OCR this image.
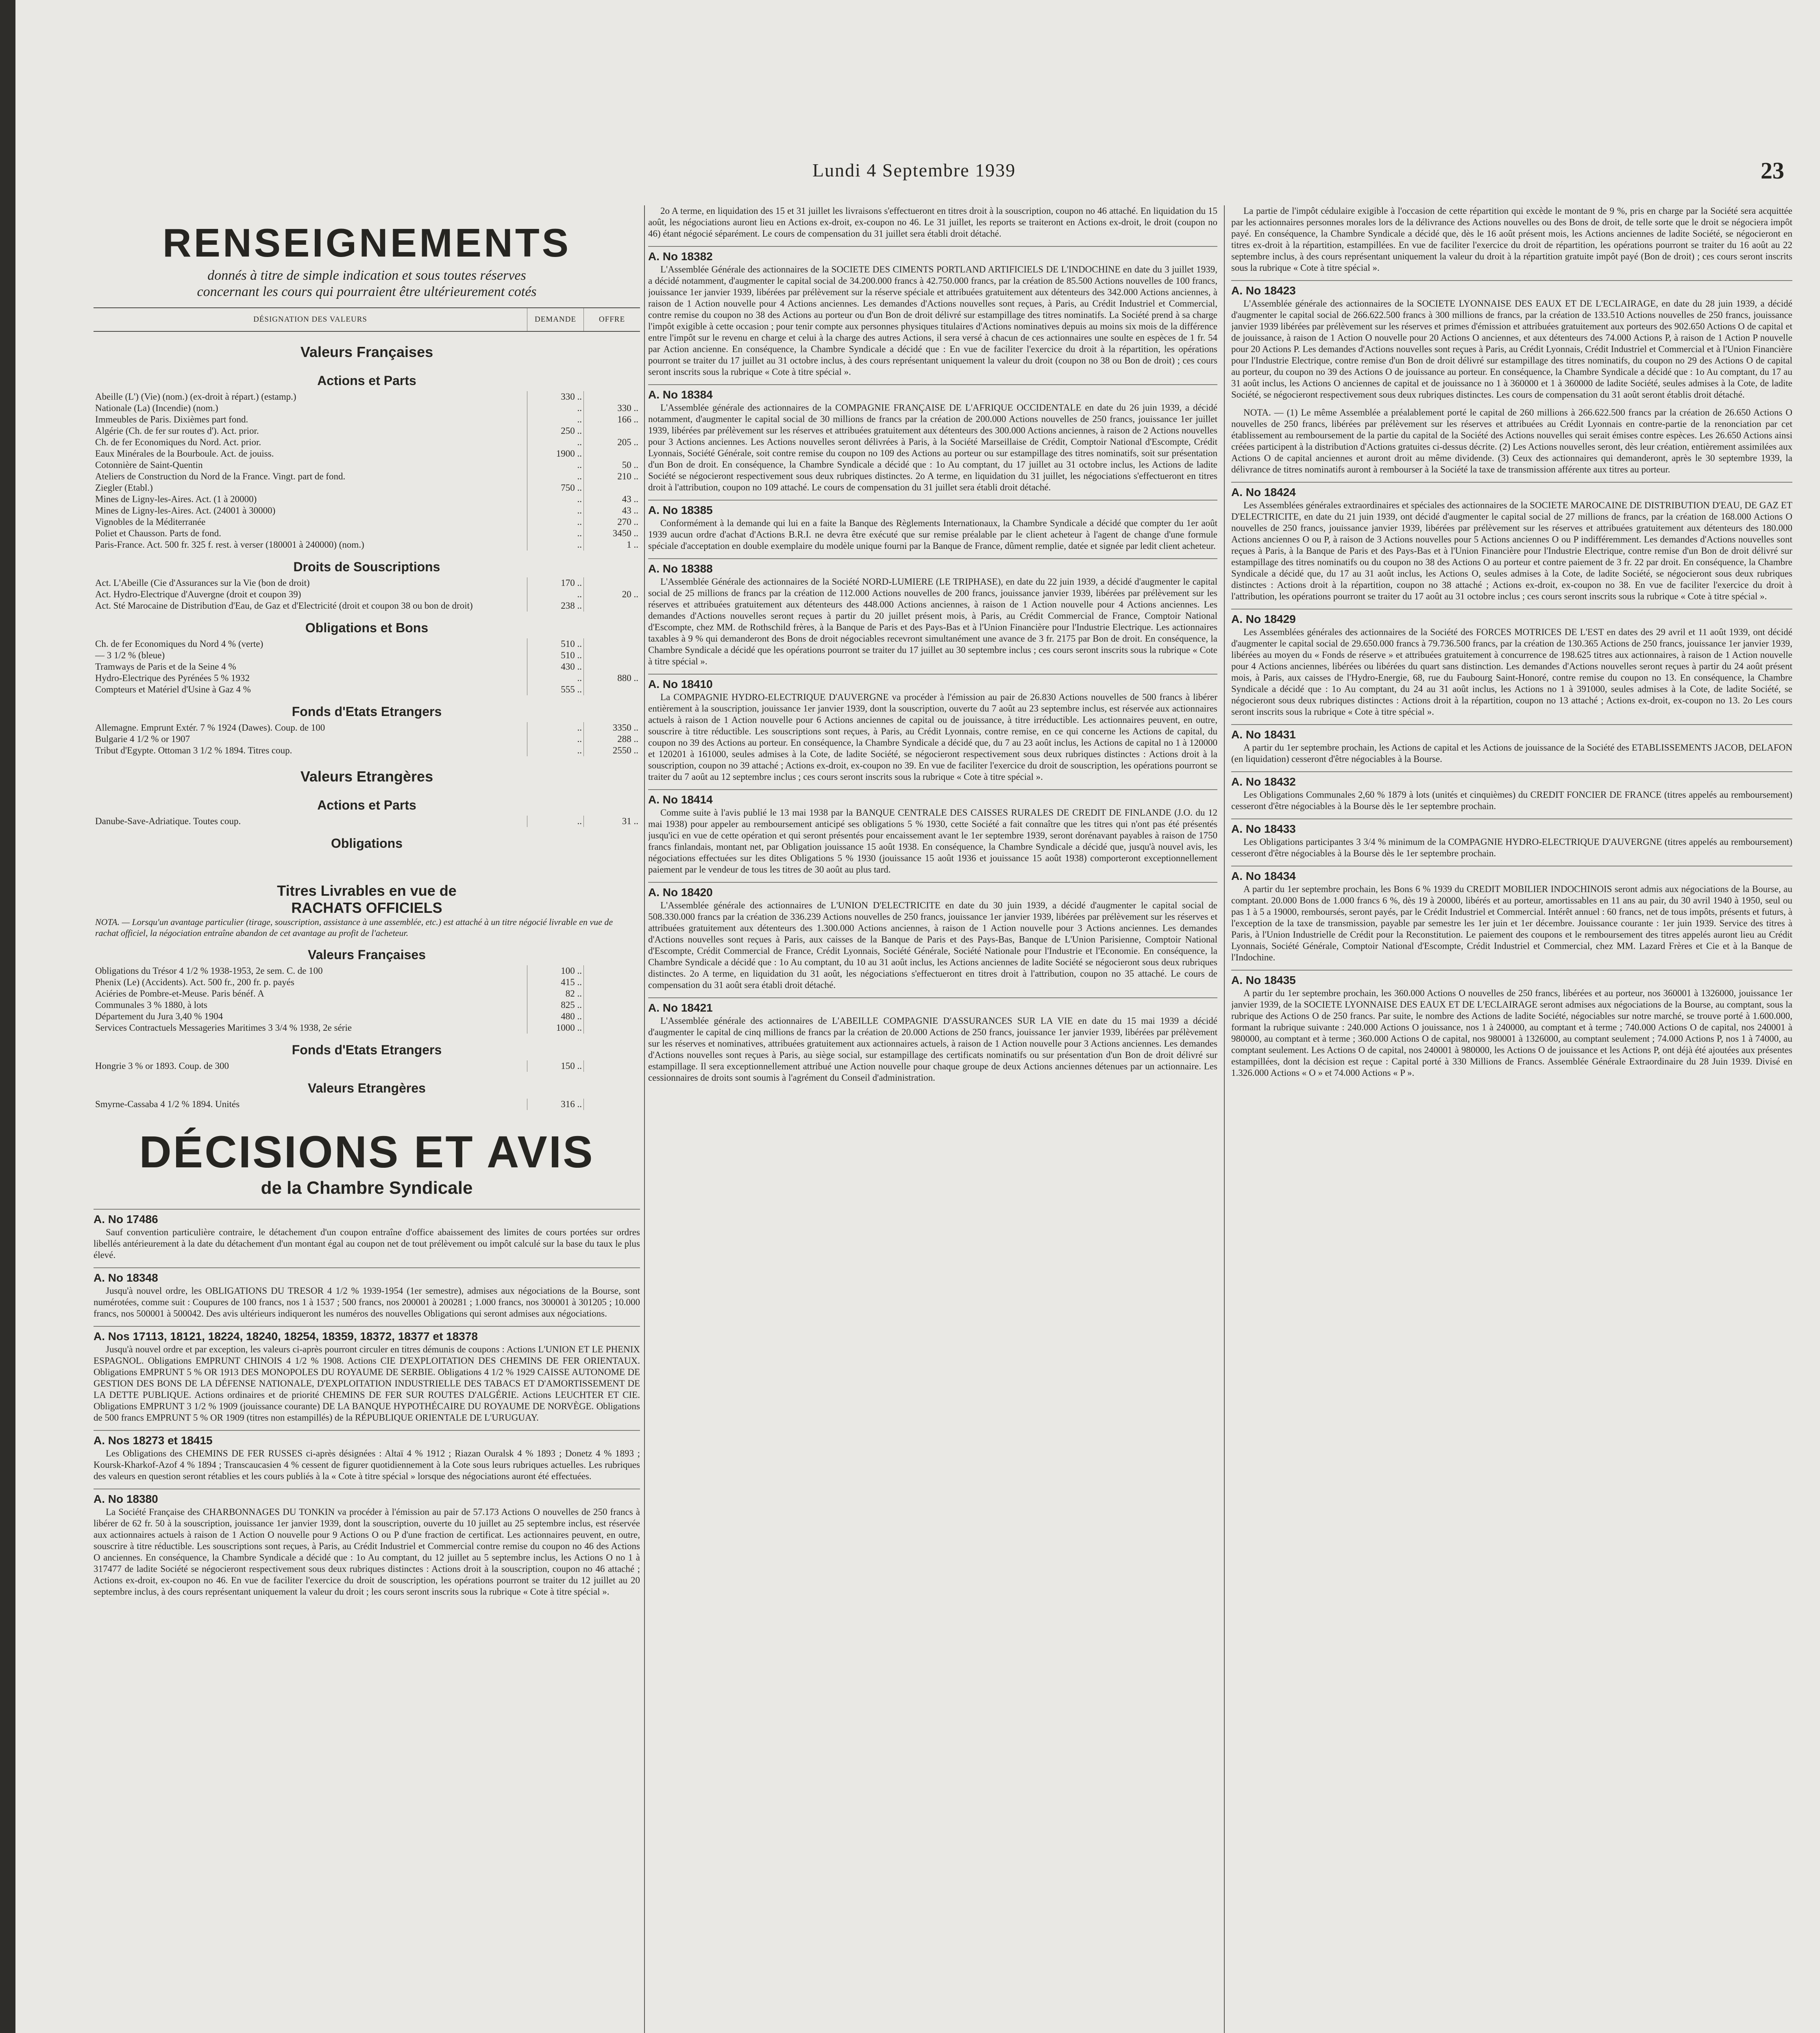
Lundi 4 Septembre 1939	23
RENSEIGNEMENTS
donnés à titre de simple indication et sous toutes réserves
concernant les cours qui pourraient être ultérieurement cotés
DÉSIGNATION DES VALEURS	DEMANDE	OFFRE
Valeurs Françaises		
Actions et Parts		
Abeille (L') (Vie) (nom.) (ex-droit à répart.) (estamp.)	330 ..	
Nationale (La) (Incendie) (nom.)	..	330 ..
Immeubles de Paris. Dixièmes part fond.	..	166 ..
Algérie (Ch. de fer sur routes d'). Act. prior.	250 ..	
Ch. de fer Economiques du Nord. Act. prior.	..	205 ..
Eaux Minérales de la Bourboule. Act. de jouiss.	1900 ..	
Cotonnière de Saint-Quentin	..	50 ..
Ateliers de Construction du Nord de la France. Vingt. part de fond.	..	210 ..
Ziegler (Etabl.)	750 ..	
Mines de Ligny-les-Aires. Act. (1 à 20000)	..	43 ..
Mines de Ligny-les-Aires. Act. (24001 à 30000)	..	43 ..
Vignobles de la Méditerranée	..	270 ..
Poliet et Chausson. Parts de fond.	..	3450 ..
Paris-France. Act. 500 fr. 325 f. rest. à verser (180001 à 240000) (nom.)	..	1 ..
Droits de Souscriptions		
Act. L'Abeille (Cie d'Assurances sur la Vie (bon de droit)	170 ..	
Act. Hydro-Electrique d'Auvergne (droit et coupon 39)	..	20 ..
Act. Sté Marocaine de Distribution d'Eau, de Gaz et d'Electricité (droit et coupon 38 ou bon de droit)	238 ..	
Obligations et Bons		
Ch. de fer Economiques du Nord 4 % (verte)	510 ..	
— 3 1/2 % (bleue)	510 ..	
Tramways de Paris et de la Seine 4 %	430 ..	
Hydro-Electrique des Pyrénées 5 % 1932	..	880 ..
Compteurs et Matériel d'Usine à Gaz 4 %	555 ..	
Fonds d'Etats Etrangers		
Allemagne. Emprunt Extér. 7 % 1924 (Dawes). Coup. de 100	..	3350 ..
Bulgarie 4 1/2 % or 1907	..	288 ..
Tribut d'Egypte. Ottoman 3 1/2 % 1894. Titres coup.	..	2550 ..
Valeurs Etrangères		
Actions et Parts		
Danube-Save-Adriatique. Toutes coup.	..	31 ..
Obligations		

Titres Livrables en vue de
RACHATS OFFICIELS		

NOTA. — Lorsqu'un avantage particulier (tirage, souscription, assistance à une assemblée, etc.) est attaché à un titre négocié livrable en vue de rachat officiel, la négociation entraîne abandon de cet avantage au profit de l'acheteur.		
Valeurs Françaises		
Obligations du Trésor 4 1/2 % 1938-1953, 2e sem. C. de 100	100 ..	
Phenix (Le) (Accidents). Act. 500 fr., 200 fr. p. payés	415 ..	
Aciéries de Pombre-et-Meuse. Paris bénéf. A	82 ..	
Communales 3 % 1880, à lots	825 ..	
Département du Jura 3,40 % 1904	480 ..	
Services Contractuels Messageries Maritimes 3 3/4 % 1938, 2e série	1000 ..	
Fonds d'Etats Etrangers		
Hongrie 3 % or 1893. Coup. de 300	150 ..	
Valeurs Etrangères		
Smyrne-Cassaba 4 1/2 % 1894. Unités	316 ..	
DÉCISIONS ET AVIS
de la Chambre Syndicale
A. No 17486

Sauf convention particulière contraire, le détachement d'un coupon entraîne d'office abaissement des limites de cours portées sur ordres libellés antérieurement à la date du détachement d'un montant égal au coupon net de tout prélèvement ou impôt calculé sur la base du taux le plus élevé.

A. No 18348

Jusqu'à nouvel ordre, les OBLIGATIONS DU TRESOR 4 1/2 % 1939-1954 (1er semestre), admises aux négociations de la Bourse, sont numérotées, comme suit : Coupures de 100 francs, nos 1 à 1537 ; 500 francs, nos 200001 à 200281 ; 1.000 francs, nos 300001 à 301205 ; 10.000 francs, nos 500001 à 500042. Des avis ultérieurs indiqueront les numéros des nouvelles Obligations qui seront admises aux négociations.

A. Nos 17113, 18121, 18224, 18240, 18254, 18359, 18372, 18377 et 18378

Jusqu'à nouvel ordre et par exception, les valeurs ci-après pourront circuler en titres démunis de coupons : Actions L'UNION ET LE PHENIX ESPAGNOL. Obligations EMPRUNT CHINOIS 4 1/2 % 1908. Actions CIE D'EXPLOITATION DES CHEMINS DE FER ORIENTAUX. Obligations EMPRUNT 5 % OR 1913 DES MONOPOLES DU ROYAUME DE SERBIE. Obligations 4 1/2 % 1929 CAISSE AUTONOME DE GESTION DES BONS DE LA DÉFENSE NATIONALE, D'EXPLOITATION INDUSTRIELLE DES TABACS ET D'AMORTISSEMENT DE LA DETTE PUBLIQUE. Actions ordinaires et de priorité CHEMINS DE FER SUR ROUTES D'ALGÉRIE. Actions LEUCHTER ET CIE. Obligations EMPRUNT 3 1/2 % 1909 (jouissance courante) DE LA BANQUE HYPOTHÉCAIRE DU ROYAUME DE NORVÈGE. Obligations de 500 francs EMPRUNT 5 % OR 1909 (titres non estampillés) de la RÉPUBLIQUE ORIENTALE DE L'URUGUAY.

A. Nos 18273 et 18415

Les Obligations des CHEMINS DE FER RUSSES ci-après désignées : Altaï 4 % 1912 ; Riazan Ouralsk 4 % 1893 ; Donetz 4 % 1893 ; Koursk-Kharkof-Azof 4 % 1894 ; Transcaucasien 4 % cessent de figurer quotidiennement à la Cote sous leurs rubriques actuelles. Les rubriques des valeurs en question seront rétablies et les cours publiés à la « Cote à titre spécial » lorsque des négociations auront été effectuées.

A. No 18380

La Société Française des CHARBONNAGES DU TONKIN va procéder à l'émission au pair de 57.173 Actions O nouvelles de 250 francs à libérer de 62 fr. 50 à la souscription, jouissance 1er janvier 1939, dont la souscription, ouverte du 10 juillet au 25 septembre inclus, est réservée aux actionnaires actuels à raison de 1 Action O nouvelle pour 9 Actions O ou P d'une fraction de certificat. Les actionnaires peuvent, en outre, souscrire à titre réductible. Les souscriptions sont reçues, à Paris, au Crédit Industriel et Commercial contre remise du coupon no 46 des Actions O anciennes. En conséquence, la Chambre Syndicale a décidé que : 1o Au comptant, du 12 juillet au 5 septembre inclus, les Actions O no 1 à 317477 de ladite Société se négocieront respectivement sous deux rubriques distinctes : Actions droit à la souscription, coupon no 46 attaché ; Actions ex-droit, ex-coupon no 46. En vue de faciliter l'exercice du droit de souscription, les opérations pourront se traiter du 12 juillet au 20 septembre inclus, à des cours représentant uniquement la valeur du droit ; les cours seront inscrits sous la rubrique « Cote à titre spécial ».

2o A terme, en liquidation des 15 et 31 juillet les livraisons s'effectueront en titres droit à la souscription, coupon no 46 attaché. En liquidation du 15 août, les négociations auront lieu en Actions ex-droit, ex-coupon no 46. Le 31 juillet, les reports se traiteront en Actions ex-droit, le droit (coupon no 46) étant négocié séparément. Le cours de compensation du 31 juillet sera établi droit détaché.

A. No 18382

L'Assemblée Générale des actionnaires de la SOCIETE DES CIMENTS PORTLAND ARTIFICIELS DE L'INDOCHINE en date du 3 juillet 1939, a décidé notamment, d'augmenter le capital social de 34.200.000 francs à 42.750.000 francs, par la création de 85.500 Actions nouvelles de 100 francs, jouissance 1er janvier 1939, libérées par prélèvement sur la réserve spéciale et attribuées gratuitement aux détenteurs des 342.000 Actions anciennes, à raison de 1 Action nouvelle pour 4 Actions anciennes. Les demandes d'Actions nouvelles sont reçues, à Paris, au Crédit Industriel et Commercial, contre remise du coupon no 38 des Actions au porteur ou d'un Bon de droit délivré sur estampillage des titres nominatifs. La Société prend à sa charge l'impôt exigible à cette occasion ; pour tenir compte aux personnes physiques titulaires d'Actions nominatives depuis au moins six mois de la différence entre l'impôt sur le revenu en charge et celui à la charge des autres Actions, il sera versé à chacun de ces actionnaires une soulte en espèces de 1 fr. 54 par Action ancienne. En conséquence, la Chambre Syndicale a décidé que : En vue de faciliter l'exercice du droit à la répartition, les opérations pourront se traiter du 17 juillet au 31 octobre inclus, à des cours représentant uniquement la valeur du droit (coupon no 38 ou Bon de droit) ; ces cours seront inscrits sous la rubrique « Cote à titre spécial ».

A. No 18384

L'Assemblée générale des actionnaires de la COMPAGNIE FRANÇAISE DE L'AFRIQUE OCCIDENTALE en date du 26 juin 1939, a décidé notamment, d'augmenter le capital social de 30 millions de francs par la création de 200.000 Actions nouvelles de 250 francs, jouissance 1er juillet 1939, libérées par prélèvement sur les réserves et attribuées gratuitement aux détenteurs des 300.000 Actions anciennes, à raison de 2 Actions nouvelles pour 3 Actions anciennes. Les Actions nouvelles seront délivrées à Paris, à la Société Marseillaise de Crédit, Comptoir National d'Escompte, Crédit Lyonnais, Société Générale, soit contre remise du coupon no 109 des Actions au porteur ou sur estampillage des titres nominatifs, soit sur présentation d'un Bon de droit. En conséquence, la Chambre Syndicale a décidé que : 1o Au comptant, du 17 juillet au 31 octobre inclus, les Actions de ladite Société se négocieront respectivement sous deux rubriques distinctes. 2o A terme, en liquidation du 31 juillet, les négociations s'effectueront en titres droit à l'attribution, coupon no 109 attaché. Le cours de compensation du 31 juillet sera établi droit détaché.

A. No 18385

Conformément à la demande qui lui en a faite la Banque des Règlements Internationaux, la Chambre Syndicale a décidé que compter du 1er août 1939 aucun ordre d'achat d'Actions B.R.I. ne devra être exécuté que sur remise préalable par le client acheteur à l'agent de change d'une formule spéciale d'acceptation en double exemplaire du modèle unique fourni par la Banque de France, dûment remplie, datée et signée par ledit client acheteur.

A. No 18388

L'Assemblée Générale des actionnaires de la Société NORD-LUMIERE (LE TRIPHASE), en date du 22 juin 1939, a décidé d'augmenter le capital social de 25 millions de francs par la création de 112.000 Actions nouvelles de 200 francs, jouissance janvier 1939, libérées par prélèvement sur les réserves et attribuées gratuitement aux détenteurs des 448.000 Actions anciennes, à raison de 1 Action nouvelle pour 4 Actions anciennes. Les demandes d'Actions nouvelles seront reçues à partir du 20 juillet présent mois, à Paris, au Crédit Commercial de France, Comptoir National d'Escompte, chez MM. de Rothschild frères, à la Banque de Paris et des Pays-Bas et à l'Union Financière pour l'Industrie Electrique. Les actionnaires taxables à 9 % qui demanderont des Bons de droit négociables recevront simultanément une avance de 3 fr. 2175 par Bon de droit. En conséquence, la Chambre Syndicale a décidé que les opérations pourront se traiter du 17 juillet au 30 septembre inclus ; ces cours seront inscrits sous la rubrique « Cote à titre spécial ».

A. No 18410

La COMPAGNIE HYDRO-ELECTRIQUE D'AUVERGNE va procéder à l'émission au pair de 26.830 Actions nouvelles de 500 francs à libérer entièrement à la souscription, jouissance 1er janvier 1939, dont la souscription, ouverte du 7 août au 23 septembre inclus, est réservée aux actionnaires actuels à raison de 1 Action nouvelle pour 6 Actions anciennes de capital ou de jouissance, à titre irréductible. Les actionnaires peuvent, en outre, souscrire à titre réductible. Les souscriptions sont reçues, à Paris, au Crédit Lyonnais, contre remise, en ce qui concerne les Actions de capital, du coupon no 39 des Actions au porteur. En conséquence, la Chambre Syndicale a décidé que, du 7 au 23 août inclus, les Actions de capital no 1 à 120000 et 120201 à 161000, seules admises à la Cote, de ladite Société, se négocieront respectivement sous deux rubriques distinctes : Actions droit à la souscription, coupon no 39 attaché ; Actions ex-droit, ex-coupon no 39. En vue de faciliter l'exercice du droit de souscription, les opérations pourront se traiter du 7 août au 12 septembre inclus ; ces cours seront inscrits sous la rubrique « Cote à titre spécial ».

A. No 18414

Comme suite à l'avis publié le 13 mai 1938 par la BANQUE CENTRALE DES CAISSES RURALES DE CREDIT DE FINLANDE (J.O. du 12 mai 1938) pour appeler au remboursement anticipé ses obligations 5 % 1930, cette Société a fait connaître que les titres qui n'ont pas été présentés jusqu'ici en vue de cette opération et qui seront présentés pour encaissement avant le 1er septembre 1939, seront dorénavant payables à raison de 1750 francs finlandais, montant net, par Obligation jouissance 15 août 1938. En conséquence, la Chambre Syndicale a décidé que, jusqu'à nouvel avis, les négociations effectuées sur les dites Obligations 5 % 1930 (jouissance 15 août 1936 et jouissance 15 août 1938) comporteront exceptionnellement paiement par le vendeur de tous les titres de 30 août au plus tard.

A. No 18420

L'Assemblée générale des actionnaires de L'UNION D'ELECTRICITE en date du 30 juin 1939, a décidé d'augmenter le capital social de 508.330.000 francs par la création de 336.239 Actions nouvelles de 250 francs, jouissance 1er janvier 1939, libérées par prélèvement sur les réserves et attribuées gratuitement aux détenteurs des 1.300.000 Actions anciennes, à raison de 1 Action nouvelle pour 3 Actions anciennes. Les demandes d'Actions nouvelles sont reçues à Paris, aux caisses de la Banque de Paris et des Pays-Bas, Banque de L'Union Parisienne, Comptoir National d'Escompte, Crédit Commercial de France, Crédit Lyonnais, Société Générale, Société Nationale pour l'Industrie et l'Economie. En conséquence, la Chambre Syndicale a décidé que : 1o Au comptant, du 10 au 31 août inclus, les Actions anciennes de ladite Société se négocieront sous deux rubriques distinctes. 2o A terme, en liquidation du 31 août, les négociations s'effectueront en titres droit à l'attribution, coupon no 35 attaché. Le cours de compensation du 31 août sera établi droit détaché.

A. No 18421

L'Assemblée générale des actionnaires de L'ABEILLE COMPAGNIE D'ASSURANCES SUR LA VIE en date du 15 mai 1939 a décidé d'augmenter le capital de cinq millions de francs par la création de 20.000 Actions de 250 francs, jouissance 1er janvier 1939, libérées par prélèvement sur les réserves et nominatives, attribuées gratuitement aux actionnaires actuels, à raison de 1 Action nouvelle pour 3 Actions anciennes. Les demandes d'Actions nouvelles sont reçues à Paris, au siège social, sur estampillage des certificats nominatifs ou sur présentation d'un Bon de droit délivré sur estampillage. Il sera exceptionnellement attribué une Action nouvelle pour chaque groupe de deux Actions anciennes détenues par un actionnaire. Les cessionnaires de droits sont soumis à l'agrément du Conseil d'administration.

La partie de l'impôt cédulaire exigible à l'occasion de cette répartition qui excède le montant de 9 %, pris en charge par la Société sera acquittée par les actionnaires personnes morales lors de la délivrance des Actions nouvelles ou des Bons de droit, de telle sorte que le droit se négociera impôt payé. En conséquence, la Chambre Syndicale a décidé que, dès le 16 août présent mois, les Actions anciennes de ladite Société, se négocieront en titres ex-droit à la répartition, estampillées. En vue de faciliter l'exercice du droit de répartition, les opérations pourront se traiter du 16 août au 22 septembre inclus, à des cours représentant uniquement la valeur du droit à la répartition gratuite impôt payé (Bon de droit) ; ces cours seront inscrits sous la rubrique « Cote à titre spécial ».

A. No 18423

L'Assemblée générale des actionnaires de la SOCIETE LYONNAISE DES EAUX ET DE L'ECLAIRAGE, en date du 28 juin 1939, a décidé d'augmenter le capital social de 266.622.500 francs à 300 millions de francs, par la création de 133.510 Actions nouvelles de 250 francs, jouissance janvier 1939 libérées par prélèvement sur les réserves et primes d'émission et attribuées gratuitement aux porteurs des 902.650 Actions O de capital et de jouissance, à raison de 1 Action O nouvelle pour 20 Actions O anciennes, et aux détenteurs des 74.000 Actions P, à raison de 1 Action P nouvelle pour 20 Actions P. Les demandes d'Actions nouvelles sont reçues à Paris, au Crédit Lyonnais, Crédit Industriel et Commercial et à l'Union Financière pour l'Industrie Electrique, contre remise d'un Bon de droit délivré sur estampillage des titres nominatifs, du coupon no 29 des Actions O de capital au porteur, du coupon no 39 des Actions O de jouissance au porteur. En conséquence, la Chambre Syndicale a décidé que : 1o Au comptant, du 17 au 31 août inclus, les Actions O anciennes de capital et de jouissance no 1 à 360000 et 1 à 360000 de ladite Société, seules admises à la Cote, de ladite Société, se négocieront respectivement sous deux rubriques distinctes. Les cours de compensation du 31 août seront établis droit détaché.

NOTA. — (1) Le même Assemblée a préalablement porté le capital de 260 millions à 266.622.500 francs par la création de 26.650 Actions O nouvelles de 250 francs, libérées par prélèvement sur les réserves et attribuées au Crédit Lyonnais en contre-partie de la renonciation par cet établissement au remboursement de la partie du capital de la Société des Actions nouvelles qui serait émises contre espèces. Les 26.650 Actions ainsi créées participent à la distribution d'Actions gratuites ci-dessus décrite. (2) Les Actions nouvelles seront, dès leur création, entièrement assimilées aux Actions O de capital anciennes et auront droit au même dividende. (3) Ceux des actionnaires qui demanderont, après le 30 septembre 1939, la délivrance de titres nominatifs auront à rembourser à la Société la taxe de transmission afférente aux titres au porteur.

A. No 18424

Les Assemblées générales extraordinaires et spéciales des actionnaires de la SOCIETE MAROCAINE DE DISTRIBUTION D'EAU, DE GAZ ET D'ELECTRICITE, en date du 21 juin 1939, ont décidé d'augmenter le capital social de 27 millions de francs, par la création de 168.000 Actions O nouvelles de 250 francs, jouissance janvier 1939, libérées par prélèvement sur les réserves et attribuées gratuitement aux détenteurs des 180.000 Actions anciennes O ou P, à raison de 3 Actions nouvelles pour 5 Actions anciennes O ou P indifféremment. Les demandes d'Actions nouvelles sont reçues à Paris, à la Banque de Paris et des Pays-Bas et à l'Union Financière pour l'Industrie Electrique, contre remise d'un Bon de droit délivré sur estampillage des titres nominatifs ou du coupon no 38 des Actions O au porteur et contre paiement de 3 fr. 22 par droit. En conséquence, la Chambre Syndicale a décidé que, du 17 au 31 août inclus, les Actions O, seules admises à la Cote, de ladite Société, se négocieront sous deux rubriques distinctes : Actions droit à la répartition, coupon no 38 attaché ; Actions ex-droit, ex-coupon no 38. En vue de faciliter l'exercice du droit à l'attribution, les opérations pourront se traiter du 17 août au 31 octobre inclus ; ces cours seront inscrits sous la rubrique « Cote à titre spécial ».

A. No 18429

Les Assemblées générales des actionnaires de la Société des FORCES MOTRICES DE L'EST en dates des 29 avril et 11 août 1939, ont décidé d'augmenter le capital social de 29.650.000 francs à 79.736.500 francs, par la création de 130.365 Actions de 250 francs, jouissance 1er janvier 1939, libérées au moyen du « Fonds de réserve » et attribuées gratuitement à concurrence de 198.625 titres aux actionnaires, à raison de 1 Action nouvelle pour 4 Actions anciennes, libérées ou libérées du quart sans distinction. Les demandes d'Actions nouvelles seront reçues à partir du 24 août présent mois, à Paris, aux caisses de l'Hydro-Energie, 68, rue du Faubourg Saint-Honoré, contre remise du coupon no 13. En conséquence, la Chambre Syndicale a décidé que : 1o Au comptant, du 24 au 31 août inclus, les Actions no 1 à 391000, seules admises à la Cote, de ladite Société, se négocieront sous deux rubriques distinctes : Actions droit à la répartition, coupon no 13 attaché ; Actions ex-droit, ex-coupon no 13. 2o Les cours seront inscrits sous la rubrique « Cote à titre spécial ».

A. No 18431

A partir du 1er septembre prochain, les Actions de capital et les Actions de jouissance de la Société des ETABLISSEMENTS JACOB, DELAFON (en liquidation) cesseront d'être négociables à la Bourse.

A. No 18432

Les Obligations Communales 2,60 % 1879 à lots (unités et cinquièmes) du CREDIT FONCIER DE FRANCE (titres appelés au remboursement) cesseront d'être négociables à la Bourse dès le 1er septembre prochain.

A. No 18433

Les Obligations participantes 3 3/4 % minimum de la COMPAGNIE HYDRO-ELECTRIQUE D'AUVERGNE (titres appelés au remboursement) cesseront d'être négociables à la Bourse dès le 1er septembre prochain.

A. No 18434

A partir du 1er septembre prochain, les Bons 6 % 1939 du CREDIT MOBILIER INDOCHINOIS seront admis aux négociations de la Bourse, au comptant. 20.000 Bons de 1.000 francs 6 %, dès 19 à 20000, libérés et au porteur, amortissables en 11 ans au pair, du 30 avril 1940 à 1950, seul ou pas 1 à 5 a 19000, remboursés, seront payés, par le Crédit Industriel et Commercial. Intérêt annuel : 60 francs, net de tous impôts, présents et futurs, à l'exception de la taxe de transmission, payable par semestre les 1er juin et 1er décembre. Jouissance courante : 1er juin 1939. Service des titres à Paris, à l'Union Industrielle de Crédit pour la Reconstitution. Le paiement des coupons et le remboursement des titres appelés auront lieu au Crédit Lyonnais, Société Générale, Comptoir National d'Escompte, Crédit Industriel et Commercial, chez MM. Lazard Frères et Cie et à la Banque de l'Indochine.

A. No 18435

A partir du 1er septembre prochain, les 360.000 Actions O nouvelles de 250 francs, libérées et au porteur, nos 360001 à 1326000, jouissance 1er janvier 1939, de la SOCIETE LYONNAISE DES EAUX ET DE L'ECLAIRAGE seront admises aux négociations de la Bourse, au comptant, sous la rubrique des Actions O de 250 francs. Par suite, le nombre des Actions de ladite Société, négociables sur notre marché, se trouve porté à 1.600.000, formant la rubrique suivante : 240.000 Actions O jouissance, nos 1 à 240000, au comptant et à terme ; 740.000 Actions O de capital, nos 240001 à 980000, au comptant et à terme ; 360.000 Actions O de capital, nos 980001 à 1326000, au comptant seulement ; 74.000 Actions P, nos 1 à 74000, au comptant seulement. Les Actions O de capital, nos 240001 à 980000, les Actions O de jouissance et les Actions P, ont déjà été ajoutées aux présentes estampillées, dont la décision est reçue : Capital porté à 330 Millions de Francs. Assemblée Générale Extraordinaire du 28 Juin 1939. Divisé en 1.326.000 Actions « O » et 74.000 Actions « P ».
